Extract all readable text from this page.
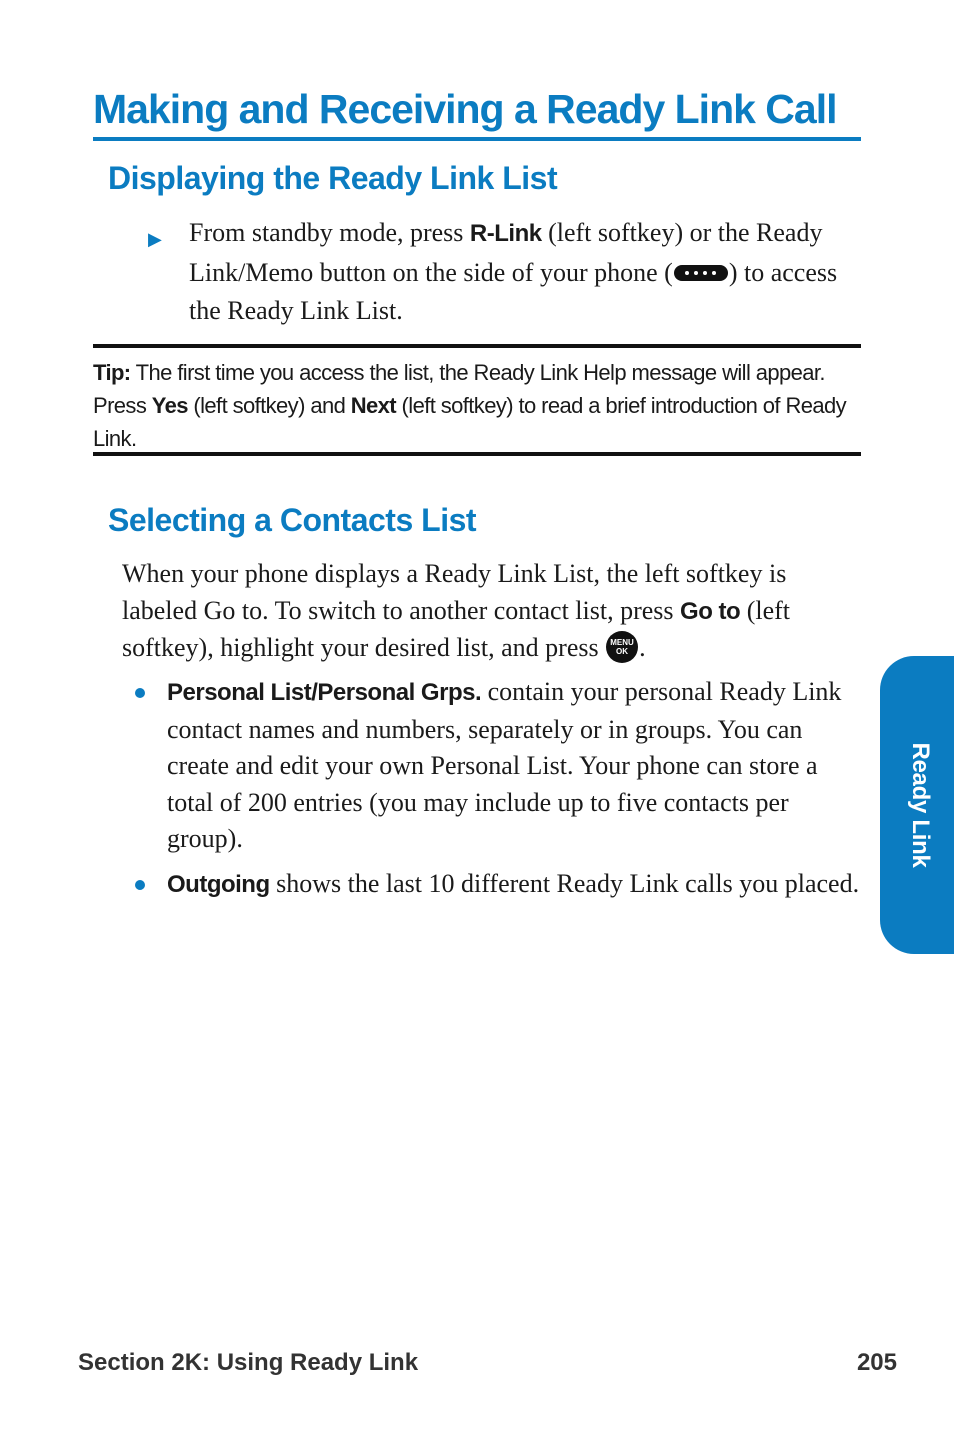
Making and Receiving a Ready Link Call
Displaying the Ready Link List
▶ From standby mode, press R-Link (left softkey) or the Ready Link/Memo button on the side of your phone ( ) to access the Ready Link List.
Tip: The first time you access the list, the Ready Link Help message will appear. Press Yes (left softkey) and Next (left softkey) to read a brief introduction of Ready Link.
Selecting a Contacts List
When your phone displays a Ready Link List, the left softkey is labeled Go to. To switch to another contact list, press Go to (left softkey), highlight your desired list, and press MENU
OK .
Personal List/Personal Grps. contain your personal Ready Link contact names and numbers, separately or in groups. You can create and edit your own Personal List. Your phone can store a total of 200 entries (you may include up to five contacts per group).
Outgoing shows the last 10 different Ready Link calls you placed.
Ready Link
Section 2K: Using Ready Link	205
